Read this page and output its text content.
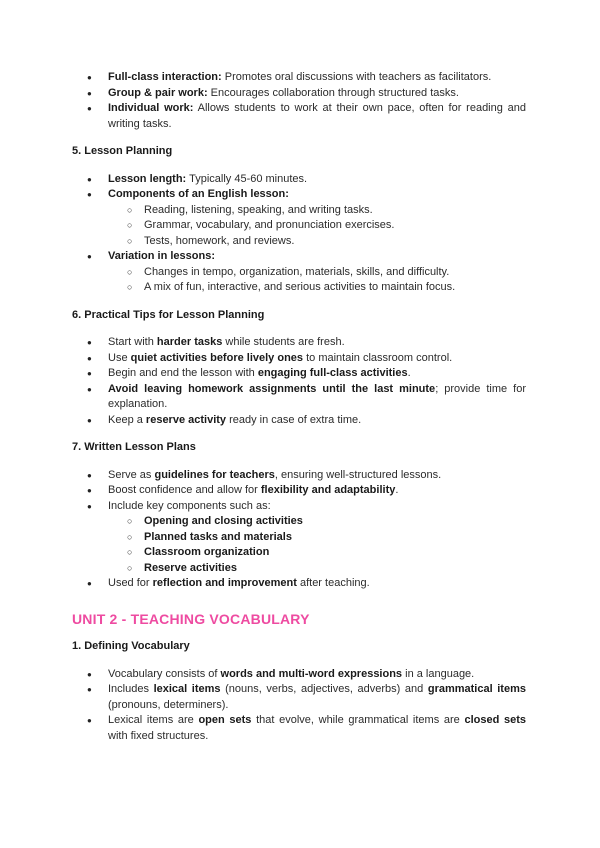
● Full-class interaction: Promotes oral discussions with teachers as facilitators.
● Group & pair work: Encourages collaboration through structured tasks.
● Individual work: Allows students to work at their own pace, often for reading and writing tasks.

5. Lesson Planning

● Lesson length: Typically 45-60 minutes.
● Components of an English lesson:
○ Reading, listening, speaking, and writing tasks.
○ Grammar, vocabulary, and pronunciation exercises.
○ Tests, homework, and reviews.
● Variation in lessons:
○ Changes in tempo, organization, materials, skills, and difficulty.
○ A mix of fun, interactive, and serious activities to maintain focus.

6. Practical Tips for Lesson Planning

● Start with harder tasks while students are fresh.
● Use quiet activities before lively ones to maintain classroom control.
● Begin and end the lesson with engaging full-class activities.
● Avoid leaving homework assignments until the last minute; provide time for explanation.
● Keep a reserve activity ready in case of extra time.

7. Written Lesson Plans

● Serve as guidelines for teachers, ensuring well-structured lessons.
● Boost confidence and allow for flexibility and adaptability.
● Include key components such as:
○ Opening and closing activities
○ Planned tasks and materials
○ Classroom organization
○ Reserve activities
● Used for reflection and improvement after teaching.

UNIT 2 - TEACHING VOCABULARY

1. Defining Vocabulary

● Vocabulary consists of words and multi-word expressions in a language.
● Includes lexical items (nouns, verbs, adjectives, adverbs) and grammatical items (pronouns, determiners).
● Lexical items are open sets that evolve, while grammatical items are closed sets with fixed structures.
